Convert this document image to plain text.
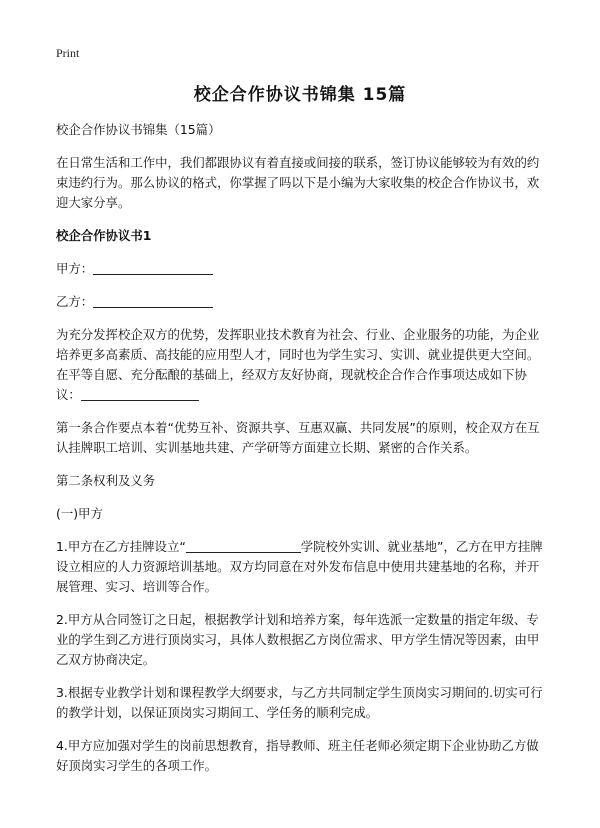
Print
校企合作协议书锦集 15篇

校企合作协议书锦集（15篇）

在日常生活和工作中，我们都跟协议有着直接或间接的联系，签订协议能够较为有效的约束违约行为。那么协议的格式，你掌握了吗以下是小编为大家收集的校企合作协议书，欢迎大家分享。

校企合作协议书1

甲方：

乙方：

为充分发挥校企双方的优势，发挥职业技术教育为社会、行业、企业服务的功能，为企业培养更多高素质、高技能的应用型人才，同时也为学生实习、实训、就业提供更大空间。在平等自愿、充分酝酿的基础上，经双方友好协商，现就校企合作合作事项达成如下协议：

第一条合作要点本着“优势互补、资源共享、互惠双赢、共同发展”的原则，校企双方在互认挂牌职工培训、实训基地共建、产学研等方面建立长期、紧密的合作关系。

第二条权利及义务

(一)甲方

1.甲方在乙方挂牌设立“	学院校外实训、就业基地”，乙方在甲方挂牌设立相应的人力资源培训基地。双方均同意在对外发布信息中使用共建基地的名称，并开展管理、实习、培训等合作。

2.甲方从合同签订之日起，根据教学计划和培养方案，每年选派一定数量的指定年级、专业的学生到乙方进行顶岗实习，具体人数根据乙方岗位需求、甲方学生情况等因素，由甲乙双方协商决定。

3.根据专业教学计划和课程教学大纲要求，与乙方共同制定学生顶岗实习期间的.切实可行的教学计划，以保证顶岗实习期间工、学任务的顺利完成。

4.甲方应加强对学生的岗前思想教育，指导教师、班主任老师必须定期下企业协助乙方做好顶岗实习学生的各项工作。
